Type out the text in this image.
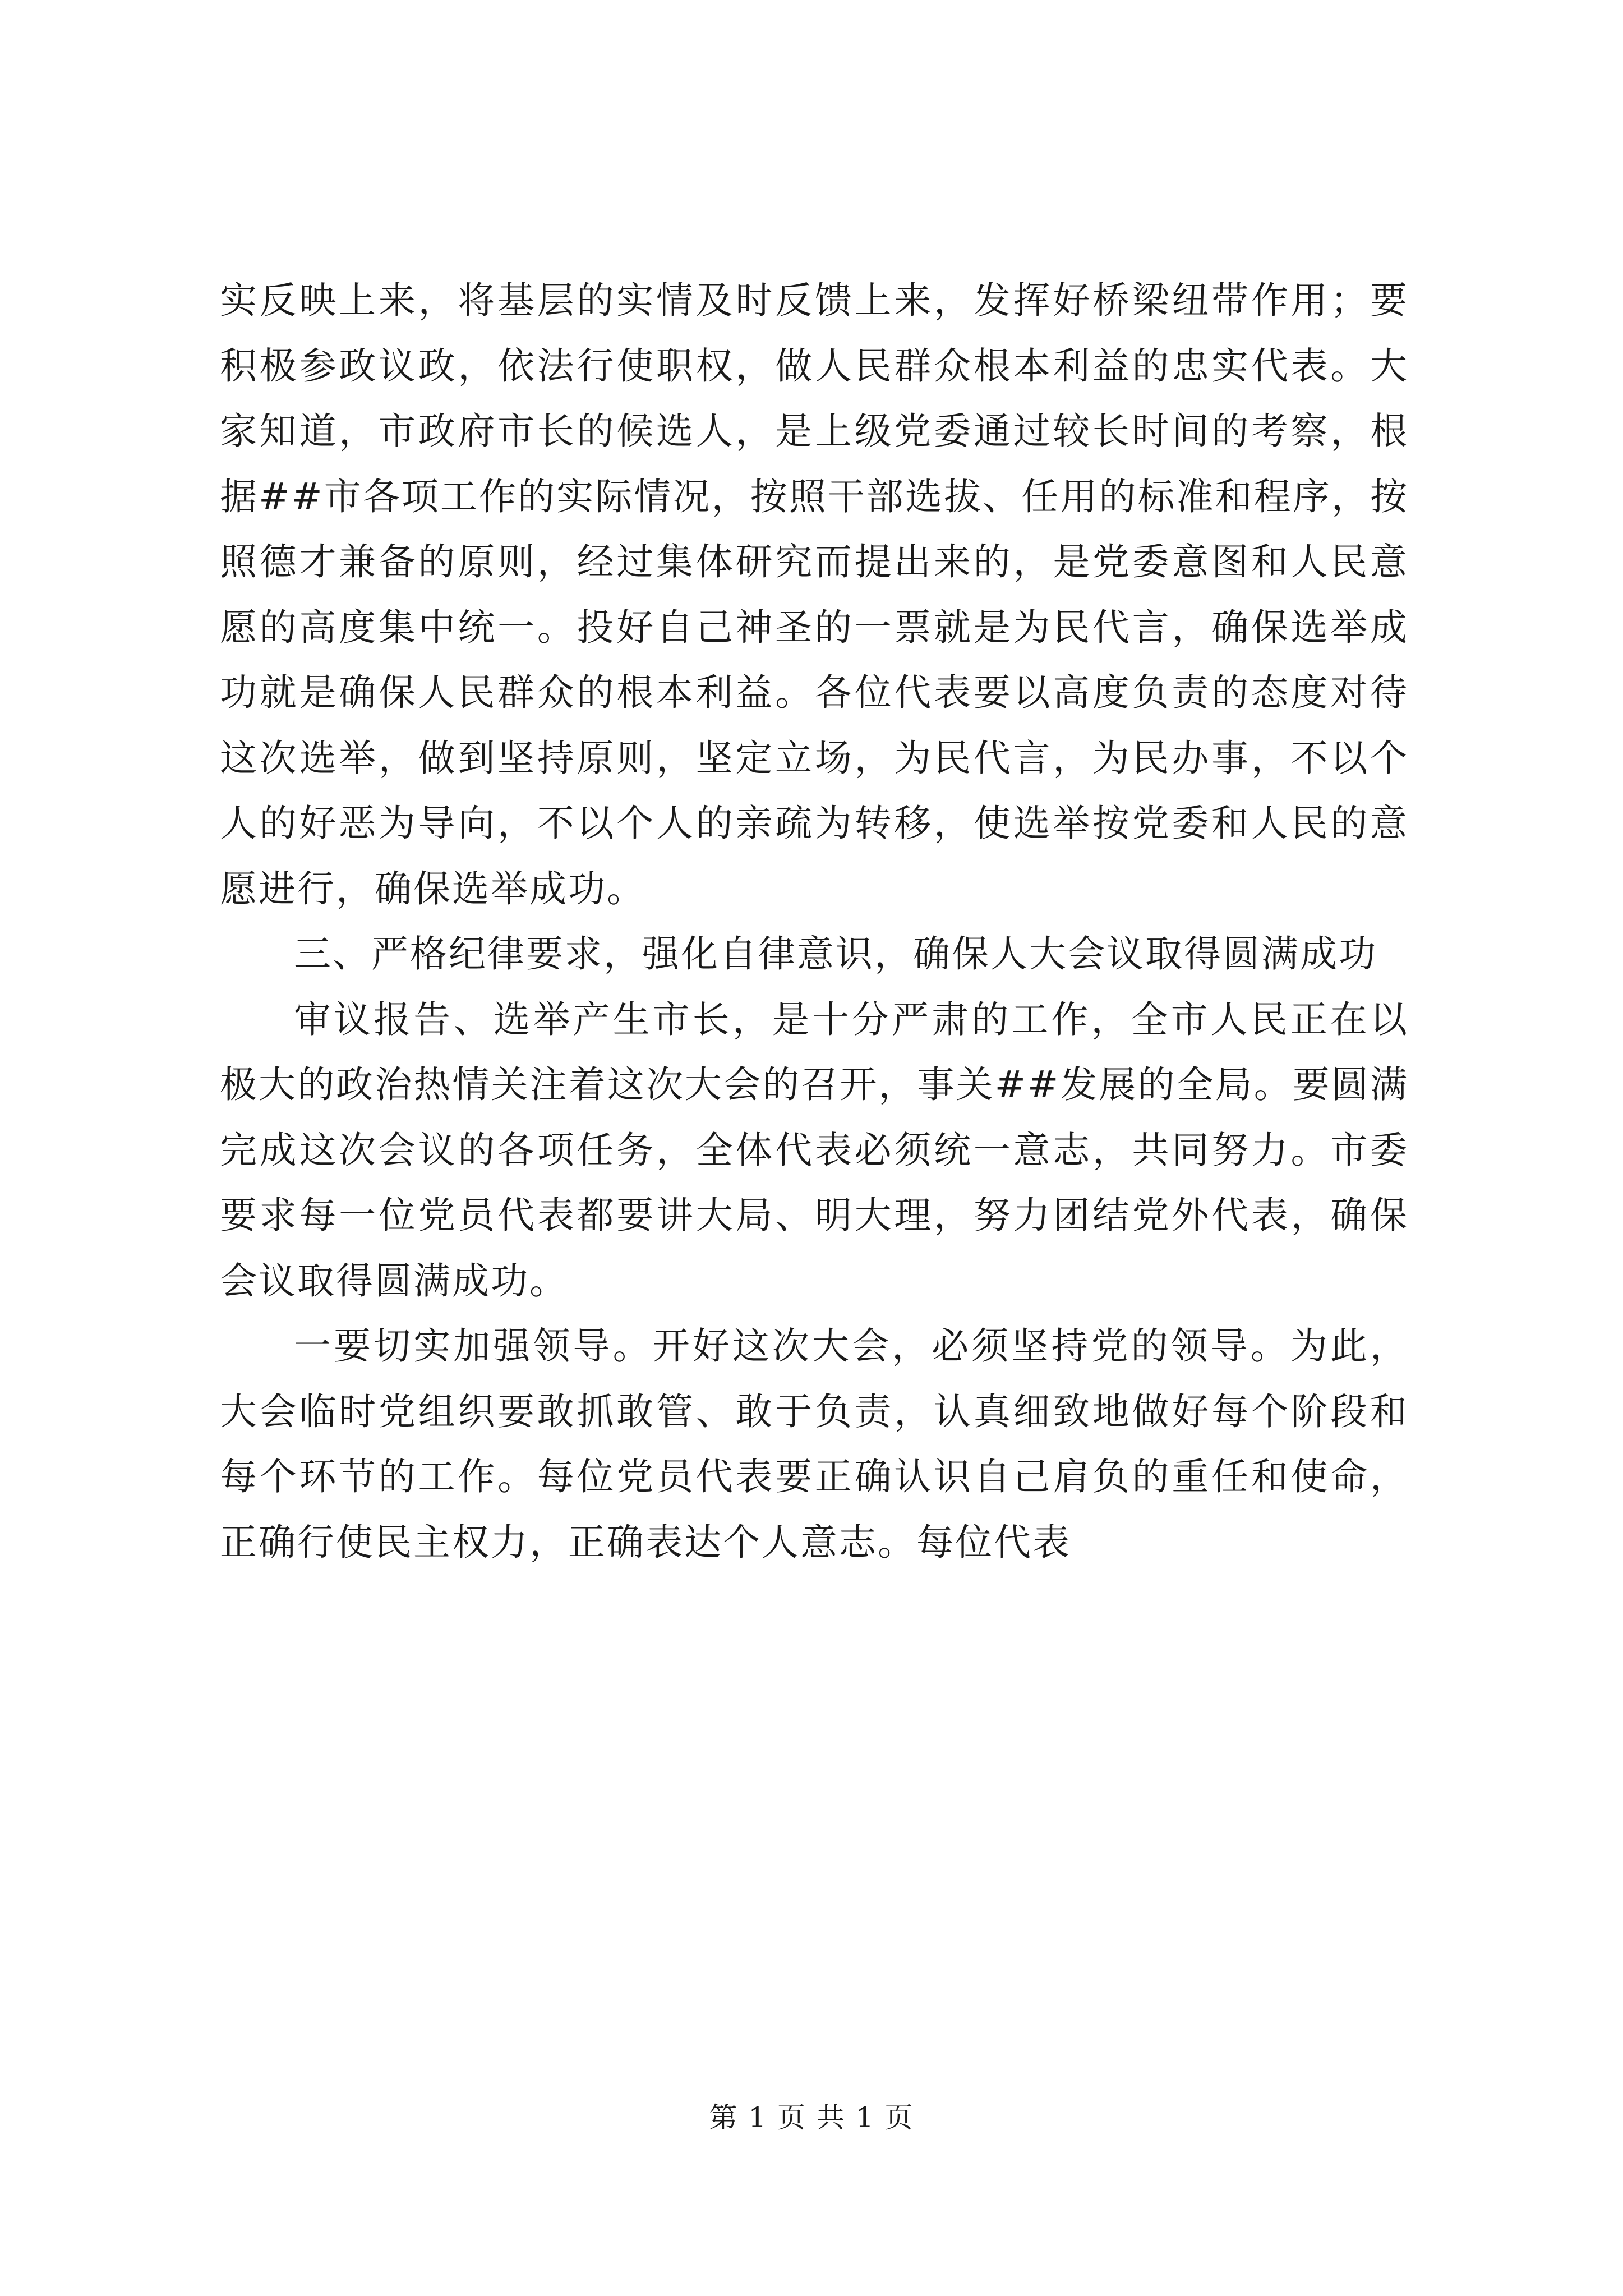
实反映上来，将基层的实情及时反馈上来，发挥好桥梁纽带作用；要积极参政议政，依法行使职权，做人民群众根本利益的忠实代表。大家知道，市政府市长的候选人，是上级党委通过较长时间的考察，根据##市各项工作的实际情况，按照干部选拔、任用的标准和程序，按照德才兼备的原则，经过集体研究而提出来的，是党委意图和人民意愿的高度集中统一。投好自己神圣的一票就是为民代言，确保选举成功就是确保人民群众的根本利益。各位代表要以高度负责的态度对待这次选举，做到坚持原则，坚定立场，为民代言，为民办事，不以个人的好恶为导向，不以个人的亲疏为转移，使选举按党委和人民的意愿进行，确保选举成功。

三、严格纪律要求，强化自律意识，确保人大会议取得圆满成功

审议报告、选举产生市长，是十分严肃的工作，全市人民正在以极大的政治热情关注着这次大会的召开，事关##发展的全局。要圆满完成这次会议的各项任务，全体代表必须统一意志，共同努力。市委要求每一位党员代表都要讲大局、明大理，努力团结党外代表，确保会议取得圆满成功。

一要切实加强领导。开好这次大会，必须坚持党的领导。为此，大会临时党组织要敢抓敢管、敢于负责，认真细致地做好每个阶段和每个环节的工作。每位党员代表要正确认识自己肩负的重任和使命，正确行使民主权力，正确表达个人意志。每位代表

第 1 页 共 1 页
